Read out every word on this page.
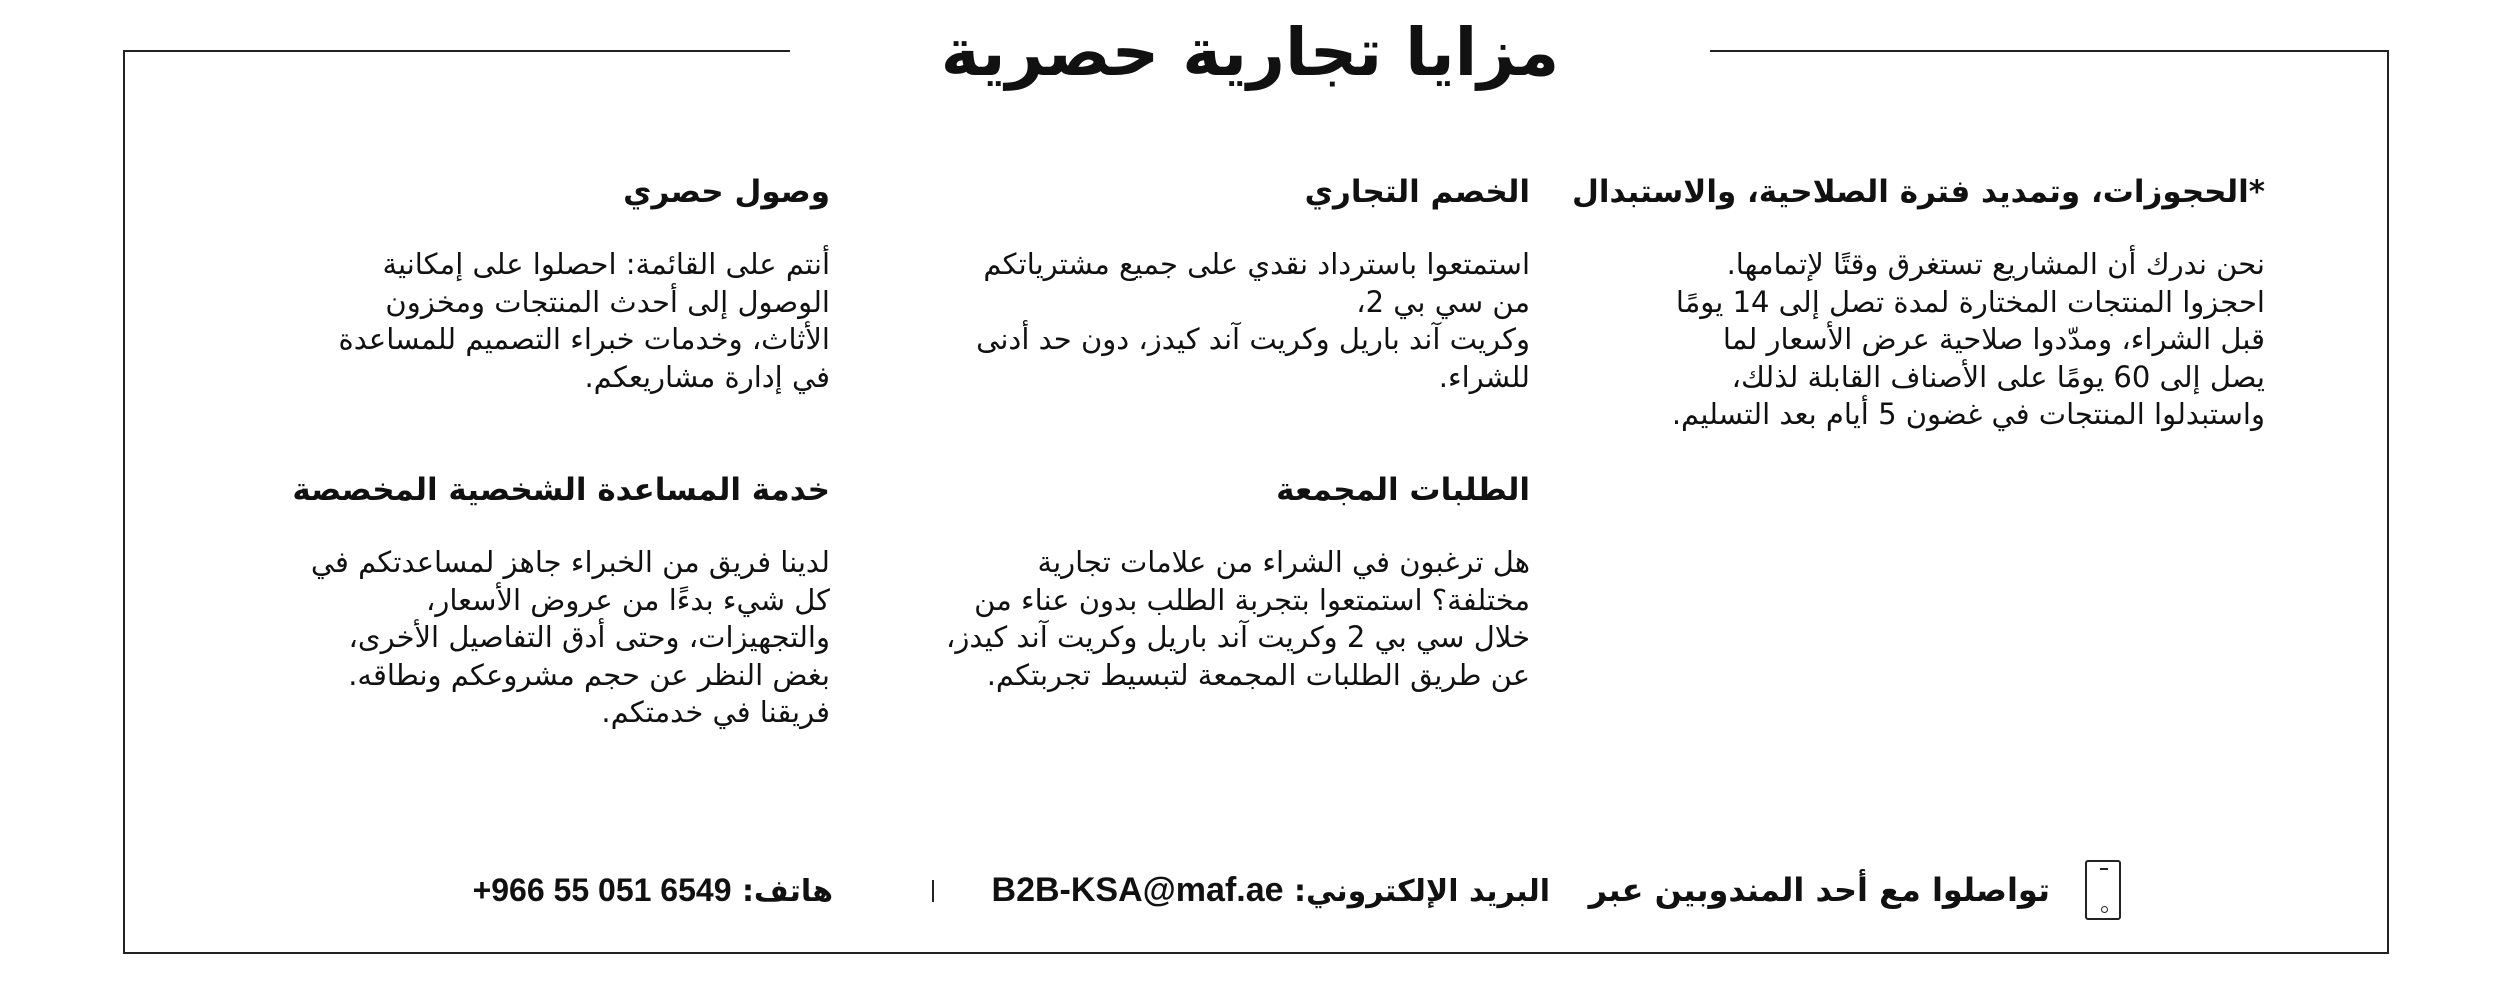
مزايا تجارية حصرية
*الحجوزات، وتمديد فترة الصلاحية، والاستبدال
نحن ندرك أن المشاريع تستغرق وقتًا لإتمامها.
احجزوا المنتجات المختارة لمدة تصل إلى 14 يومًا
قبل الشراء، ومدّدوا صلاحية عرض الأسعار لما
يصل إلى 60 يومًا على الأصناف القابلة لذلك،
واستبدلوا المنتجات في غضون 5 أيام بعد التسليم.
الخصم التجاري
استمتعوا باسترداد نقدي على جميع مشترياتكم
من سي بي 2،
وكريت آند باريل وكريت آند كيدز، دون حد أدنى
للشراء.
الطلبات المجمعة
هل ترغبون في الشراء من علامات تجارية
مختلفة؟ استمتعوا بتجربة الطلب بدون عناء من
خلال سي بي 2 وكريت آند باريل وكريت آند كيدز،
عن طريق الطلبات المجمعة لتبسيط تجربتكم.
وصول حصري
أنتم على القائمة: احصلوا على إمكانية
الوصول إلى أحدث المنتجات ومخزون
الأثاث، وخدمات خبراء التصميم للمساعدة
في إدارة مشاريعكم.
خدمة المساعدة الشخصية المخصصة
لدينا فريق من الخبراء جاهز لمساعدتكم في
كل شيء بدءًا من عروض الأسعار،
والتجهيزات، وحتى أدق التفاصيل الأخرى،
بغض النظر عن حجم مشروعكم ونطاقه.
فريقنا في خدمتكم.
تواصلوا مع أحد المندوبين عبر
البريد الإلكتروني: B2B-KSA@maf.ae
هاتف: +966 55 051 6549
